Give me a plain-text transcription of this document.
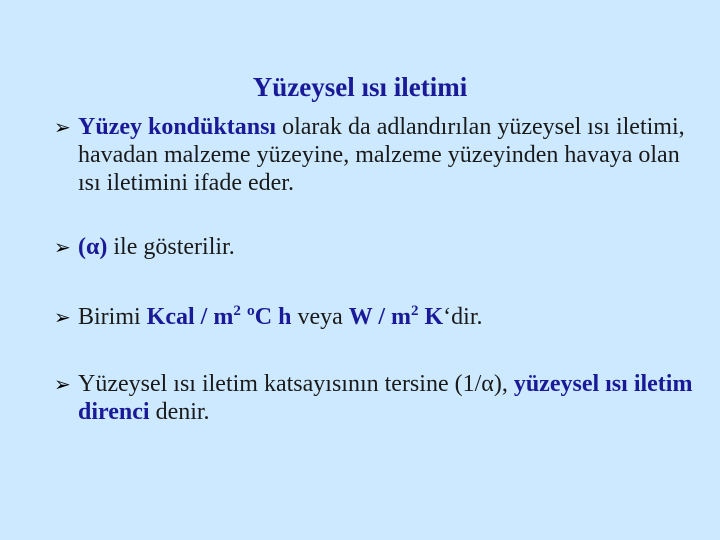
Yüzeysel ısı iletimi
➢ Yüzey kondüktansı olarak da adlandırılan yüzeysel ısı iletimi, havadan malzeme yüzeyine, malzeme yüzeyinden havaya olan ısı iletimini ifade eder.
➢ (α) ile gösterilir.
➢ Birimi Kcal / $m^2$ ºC h veya W / $m^2$ K‘dir.
➢ Yüzeysel ısı iletim katsayısının tersine (1/α), yüzeysel ısı iletim direnci denir.
